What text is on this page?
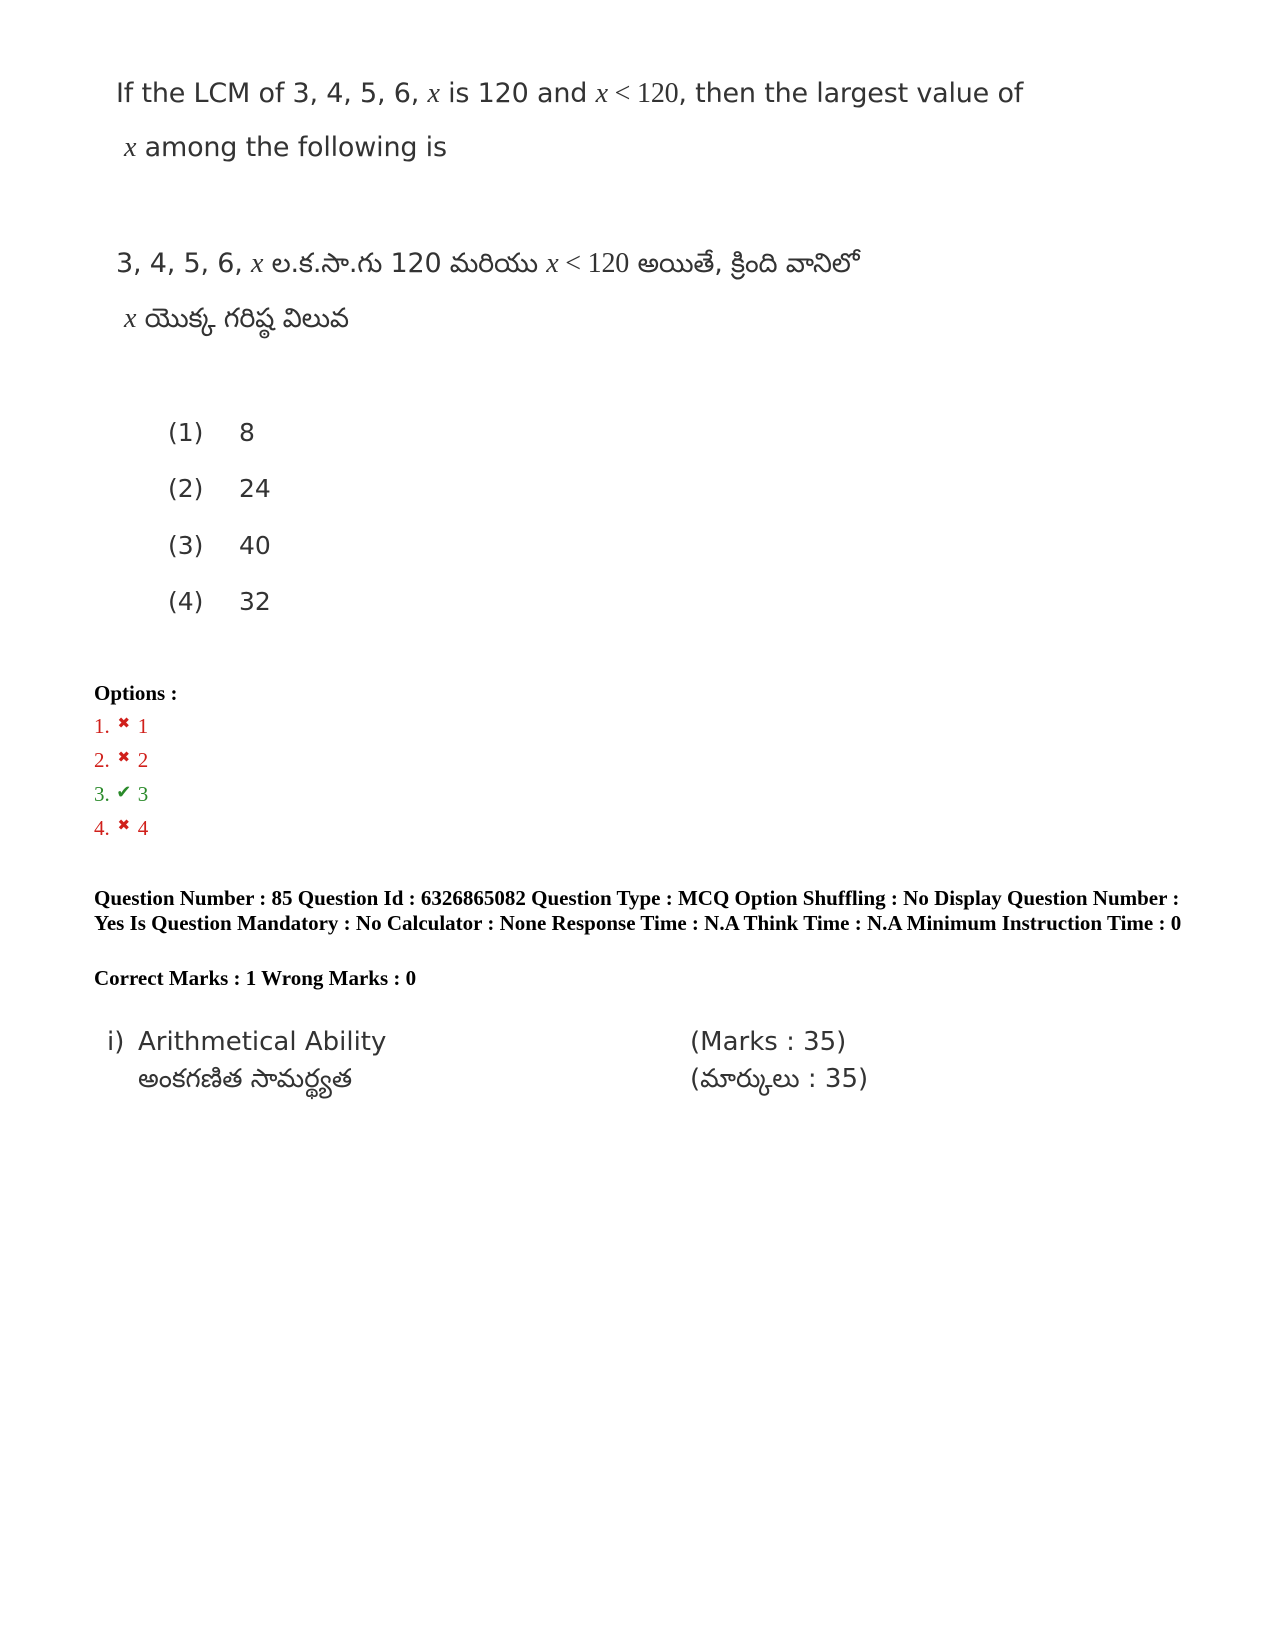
If the LCM of 3, 4, 5, 6, x is 120 and x < 120, then the largest value of
x among the following is
3, 4, 5, 6, x ల.క.సా.గు 120 మరియు x < 120 అయితే, క్రింది వానిలో
x యొక్క గరిష్ఠ విలువ
(1) 8
(2) 24
(3) 40
(4) 32
Options :
1. ✖ 1
2. ✖ 2
3. ✔ 3
4. ✖ 4
Question Number : 85 Question Id : 6326865082 Question Type : MCQ Option Shuffling : No Display Question Number : Yes Is Question Mandatory : No Calculator : None Response Time : N.A Think Time : N.A Minimum Instruction Time : 0
Correct Marks : 1 Wrong Marks : 0
i) Arithmetical Ability
అంకగణిత సామర్థ్యత
(Marks : 35)
(మార్కులు : 35)
